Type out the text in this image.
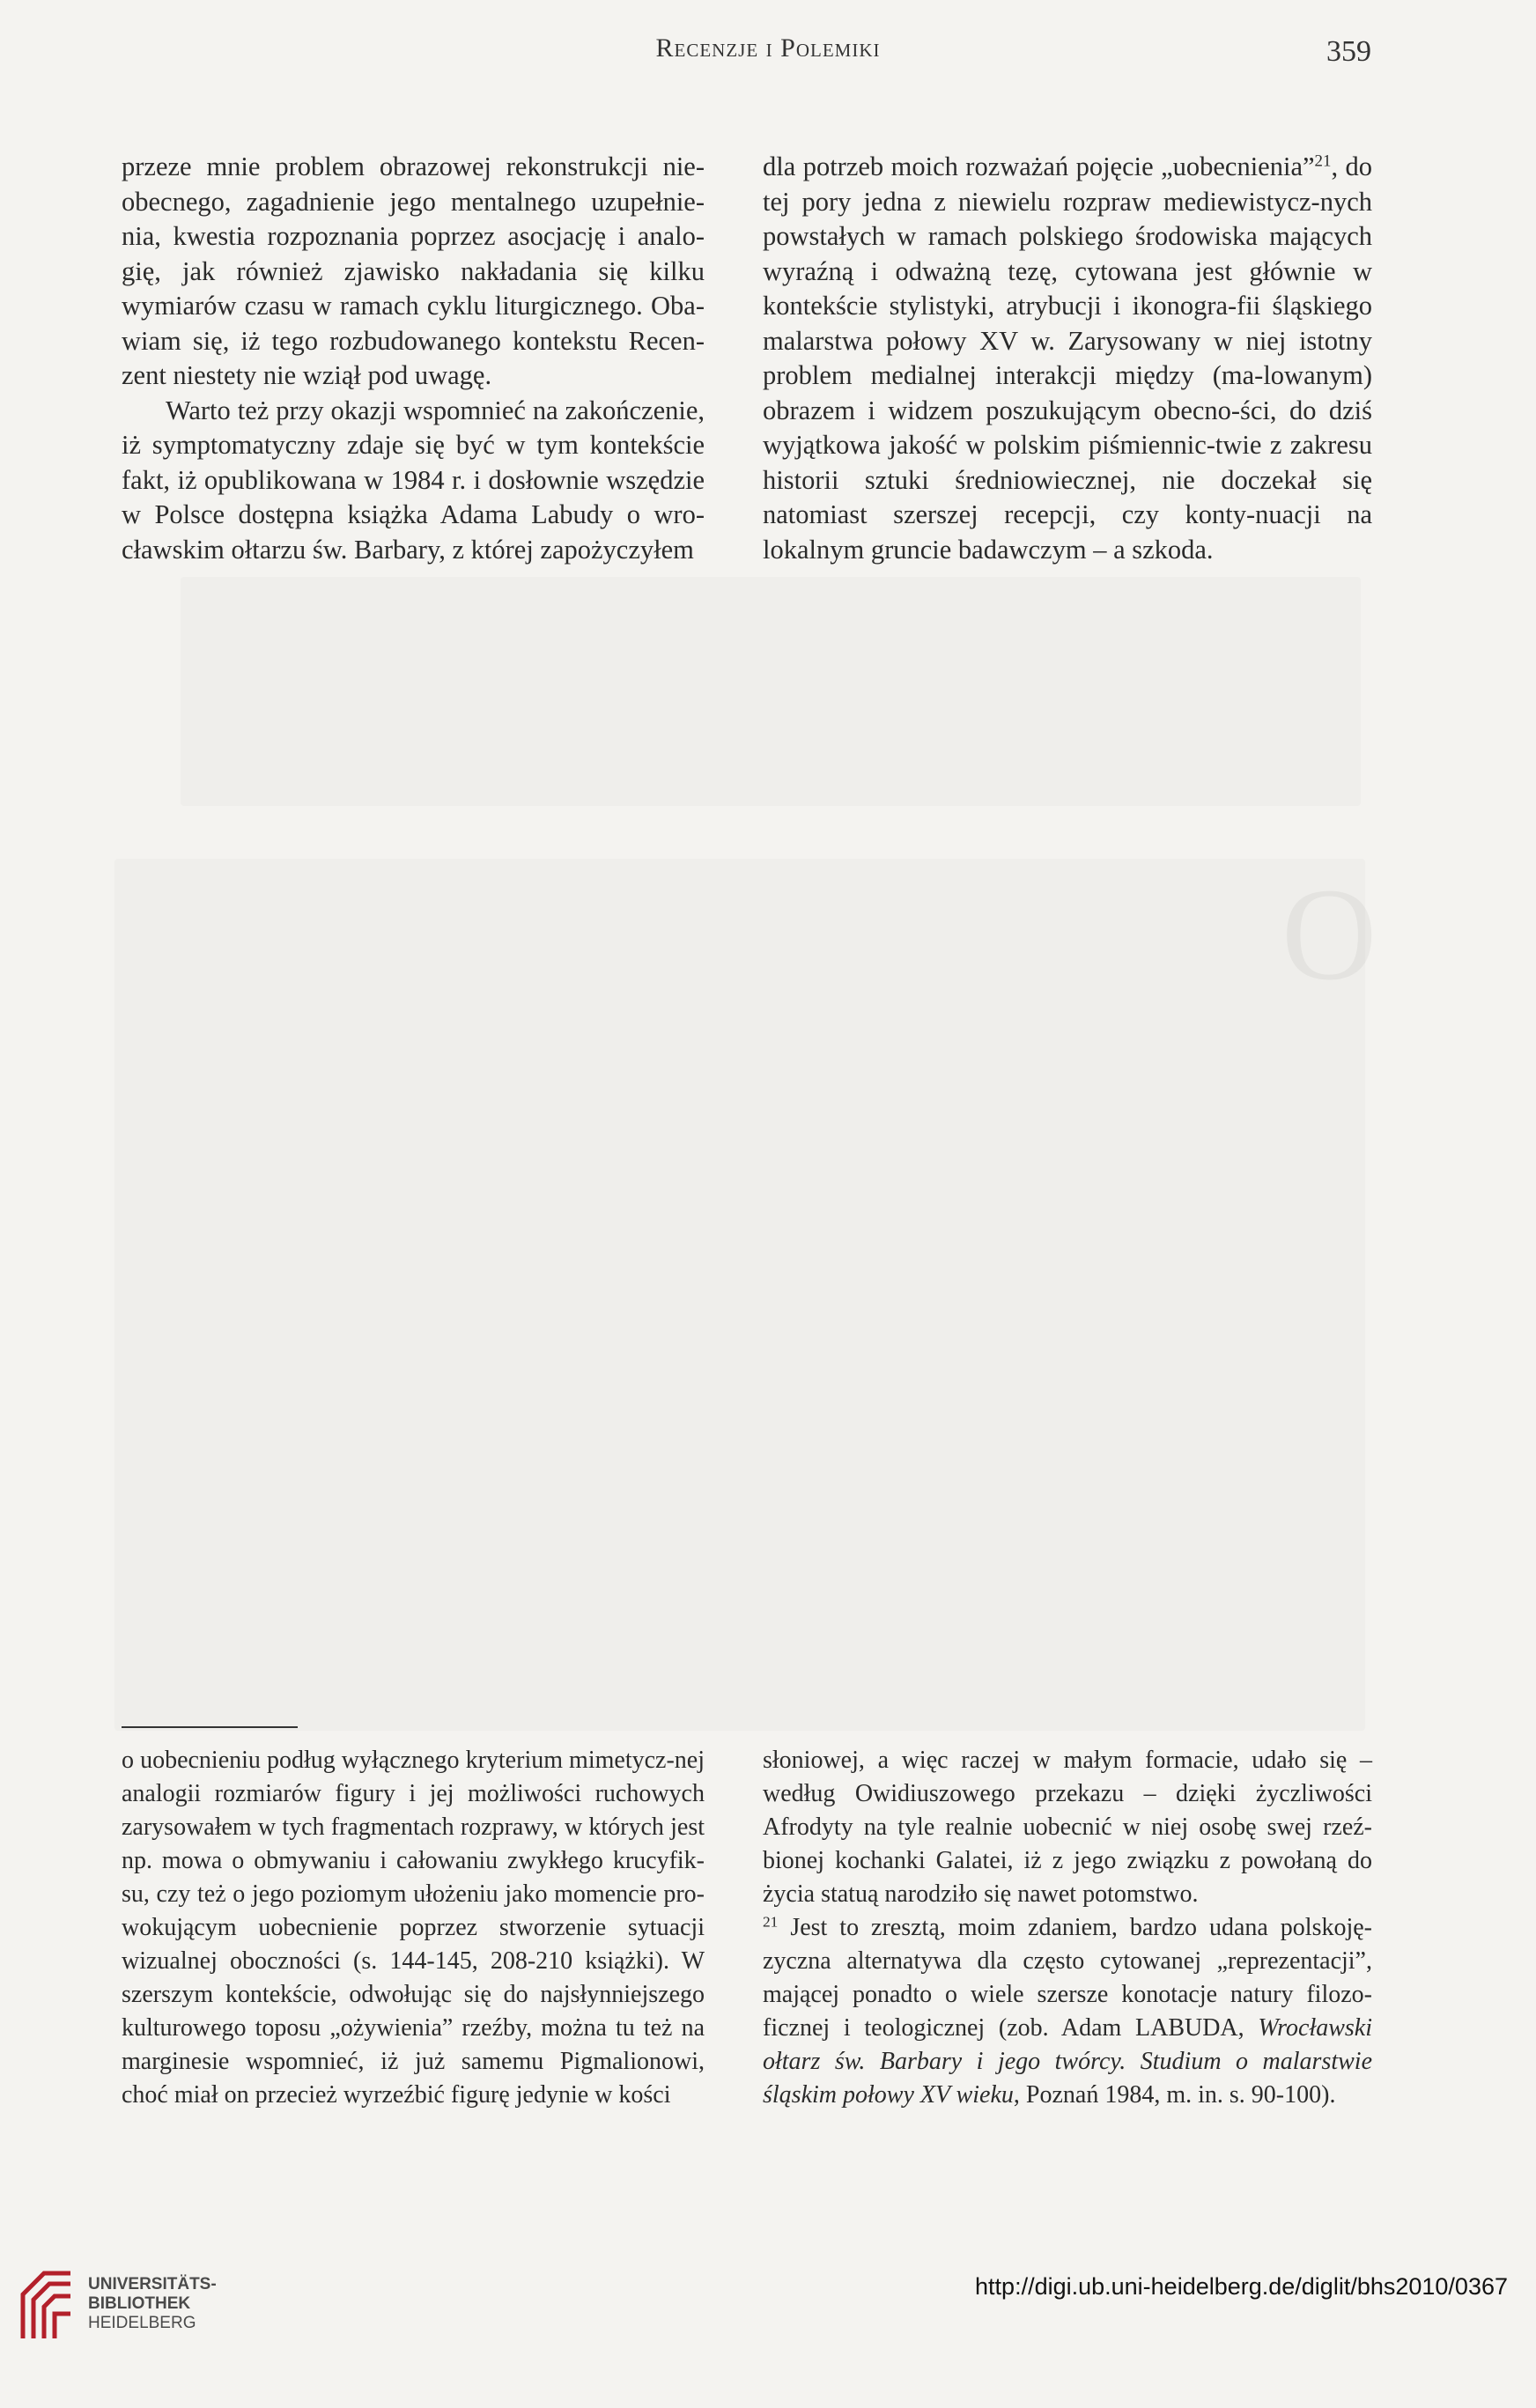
Recenzje i Polemiki	359

przeze mnie problem obrazowej rekonstrukcji nie-obecnego, zagadnienie jego mentalnego uzupełnie-nia, kwestia rozpoznania poprzez asocjację i analo-gię, jak również zjawisko nakładania się kilku wymiarów czasu w ramach cyklu liturgicznego. Oba-wiam się, iż tego rozbudowanego kontekstu Recen-zent niestety nie wziął pod uwagę.

Warto też przy okazji wspomnieć na zakończenie, iż symptomatyczny zdaje się być w tym kontekście fakt, iż opublikowana w 1984 r. i dosłownie wszędzie w Polsce dostępna książka Adama Labudy o wro-cławskim ołtarzu św. Barbary, z której zapożyczyłem

dla potrzeb moich rozważań pojęcie „uobecnienia”$^{21}$, do tej pory jedna z niewielu rozpraw mediewistycz-nych powstałych w ramach polskiego środowiska mających wyraźną i odważną tezę, cytowana jest głównie w kontekście stylistyki, atrybucji i ikonogra-fii śląskiego malarstwa połowy XV w. Zarysowany w niej istotny problem medialnej interakcji między (ma-lowanym) obrazem i widzem poszukującym obecno-ści, do dziś wyjątkowa jakość w polskim piśmiennic-twie z zakresu historii sztuki średniowiecznej, nie doczekał się natomiast szerszej recepcji, czy konty-nuacji na lokalnym gruncie badawczym – a szkoda.

o uobecnieniu podług wyłącznego kryterium mimetycz-nej analogii rozmiarów figury i jej możliwości ruchowych zarysowałem w tych fragmentach rozprawy, w których jest np. mowa o obmywaniu i całowaniu zwykłego krucyfik-su, czy też o jego poziomym ułożeniu jako momencie pro-wokującym uobecnienie poprzez stworzenie sytuacji wizualnej oboczności (s. 144-145, 208-210 książki). W szerszym kontekście, odwołując się do najsłynniejszego kulturowego toposu „ożywienia” rzeźby, można tu też na marginesie wspomnieć, iż już samemu Pigmalionowi, choć miał on przecież wyrzeźbić figurę jedynie w kości

słoniowej, a więc raczej w małym formacie, udało się – według Owidiuszowego przekazu – dzięki życzliwości Afrodyty na tyle realnie uobecnić w niej osobę swej rzeź-bionej kochanki Galatei, iż z jego związku z powołaną do życia statuą narodziło się nawet potomstwo.

$^{21}$ Jest to zresztą, moim zdaniem, bardzo udana polskoję-zyczna alternatywa dla często cytowanej „reprezentacji”, mającej ponadto o wiele szersze konotacje natury filozo-ficznej i teologicznej (zob. Adam LABUDA, Wrocławski ołtarz św. Barbary i jego twórcy. Studium o malarstwie śląskim połowy XV wieku, Poznań 1984, m. in. s. 90-100).

UNIVERSITÄTS-
BIBLIOTHEK
HEIDELBERG
http://digi.ub.uni-heidelberg.de/diglit/bhs2010/0367
